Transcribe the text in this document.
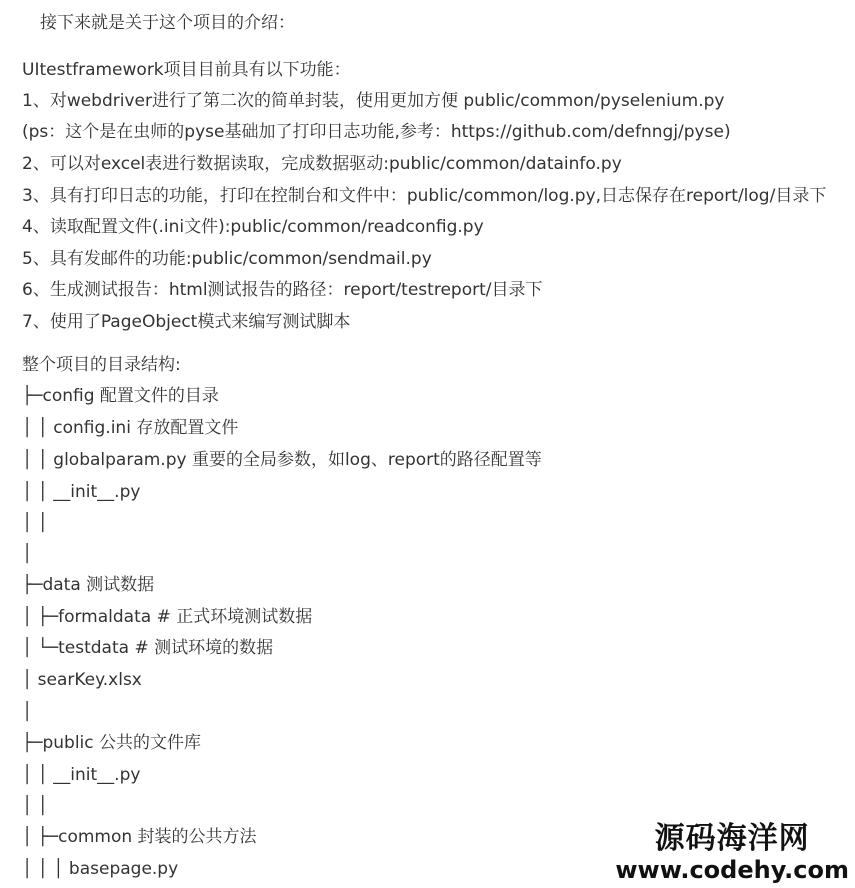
接下来就是关于这个项目的介绍：
UItestframework项目目前具有以下功能：
1、对webdriver进行了第二次的简单封装，使用更加方便 public/common/pyselenium.py
(ps：这个是在虫师的pyse基础加了打印日志功能,参考：https://github.com/defnngj/pyse)
2、可以对excel表进行数据读取，完成数据驱动:public/common/datainfo.py
3、具有打印日志的功能，打印在控制台和文件中：public/common/log.py,日志保存在report/log/目录下
4、读取配置文件(.ini文件):public/common/readconfig.py
5、具有发邮件的功能:public/common/sendmail.py
6、生成测试报告：html测试报告的路径：report/testreport/目录下
7、使用了PageObject模式来编写测试脚本
整个项目的目录结构:
├─config 配置文件的目录
│ │ config.ini 存放配置文件
│ │ globalparam.py 重要的全局参数，如log、report的路径配置等
│ │ __init__.py
│ │
│
├─data 测试数据
│ ├─formaldata # 正式环境测试数据
│ └─testdata # 测试环境的数据
│ searKey.xlsx
│
├─public 公共的文件库
│ │ __init__.py
│ │
│ ├─common 封装的公共方法
│ │ │ basepage.py
源码海洋网
www.codehy.com
